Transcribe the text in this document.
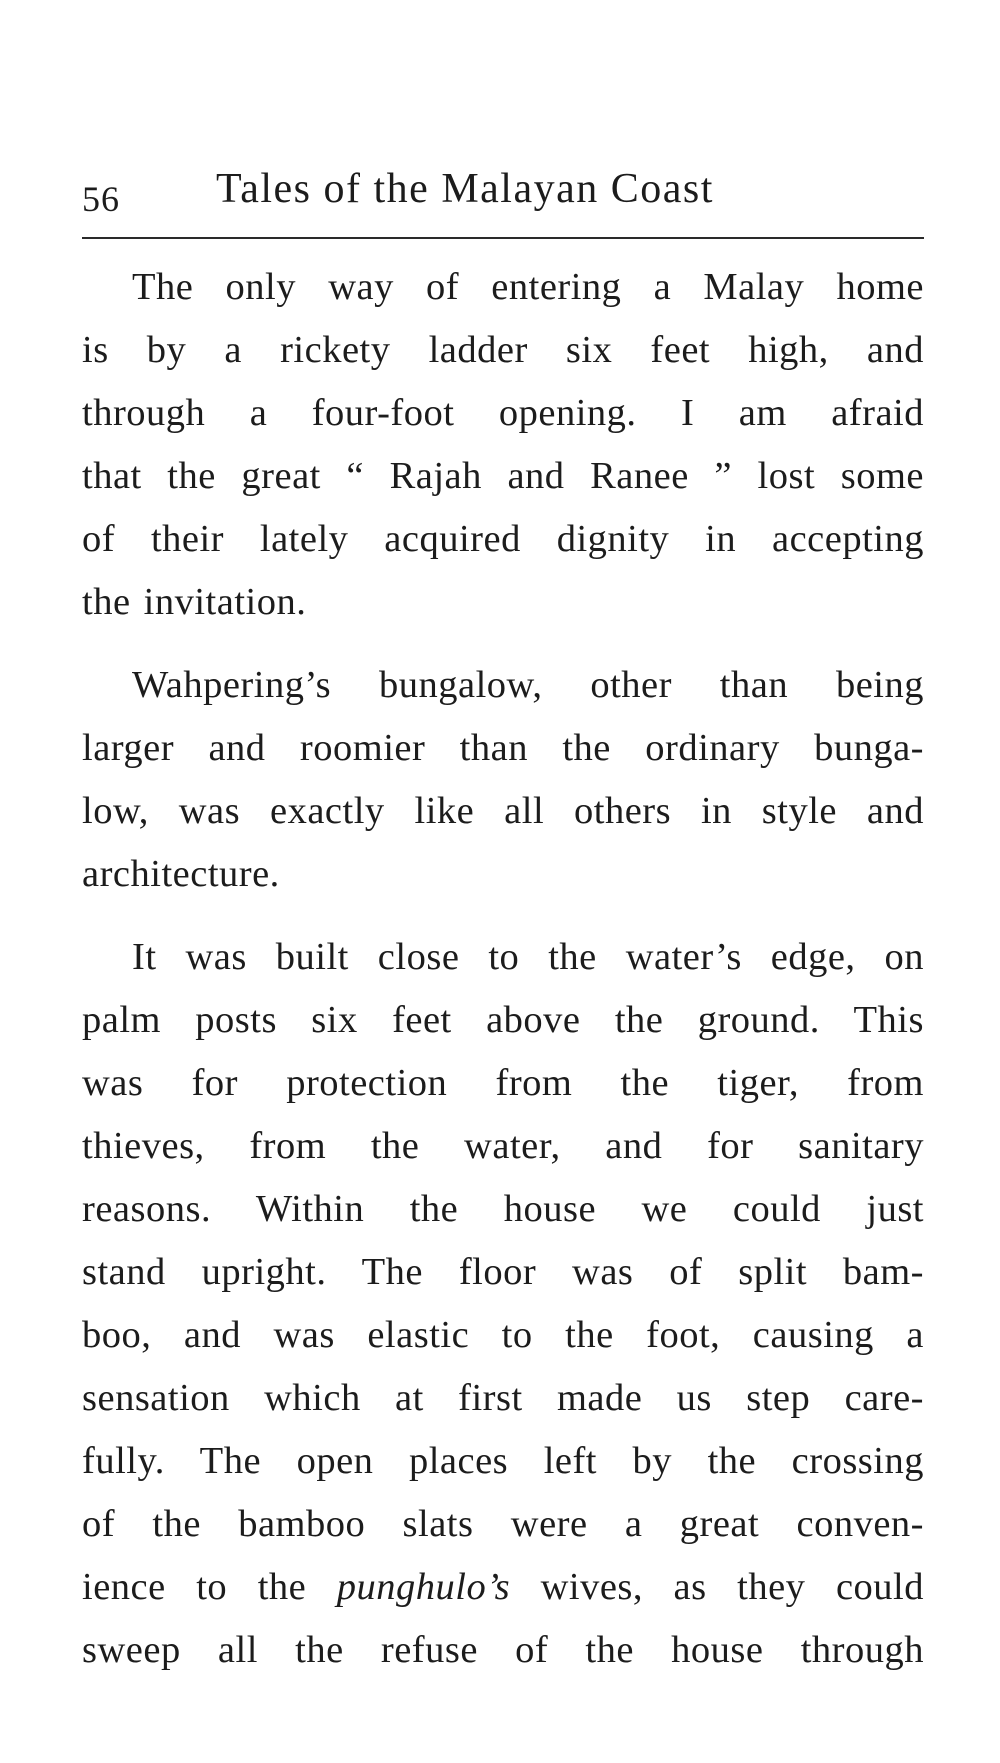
56 Tales of the Malayan Coast
The only way of entering a Malay home
is by a rickety ladder six feet high, and
through a four-foot opening. I am afraid
that the great “ Rajah and Ranee ” lost some
of their lately acquired dignity in accepting
the invitation.
Wahpering’s bungalow, other than being
larger and roomier than the ordinary bunga-
low, was exactly like all others in style and
architecture.
It was built close to the water’s edge, on
palm posts six feet above the ground. This
was for protection from the tiger, from
thieves, from the water, and for sanitary
reasons. Within the house we could just
stand upright. The floor was of split bam-
boo, and was elastic to the foot, causing a
sensation which at first made us step care-
fully. The open places left by the crossing
of the bamboo slats were a great conven-
ience to the punghulo’s wives, as they could
sweep all the refuse of the house through
